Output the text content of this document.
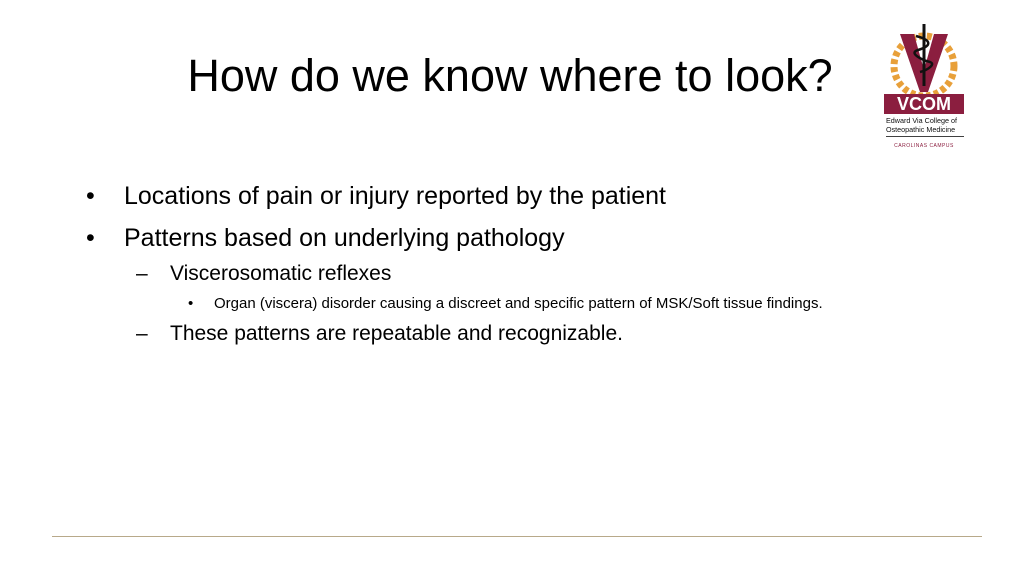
How do we know where to look?
VCOM
Edward Via College of
Osteopathic Medicine
CAROLINAS CAMPUS
• Locations of pain or injury reported by the patient
• Patterns based on underlying pathology
– Viscerosomatic reflexes
• Organ (viscera) disorder causing a discreet and specific pattern of MSK/Soft tissue findings.
– These patterns are repeatable and recognizable.
